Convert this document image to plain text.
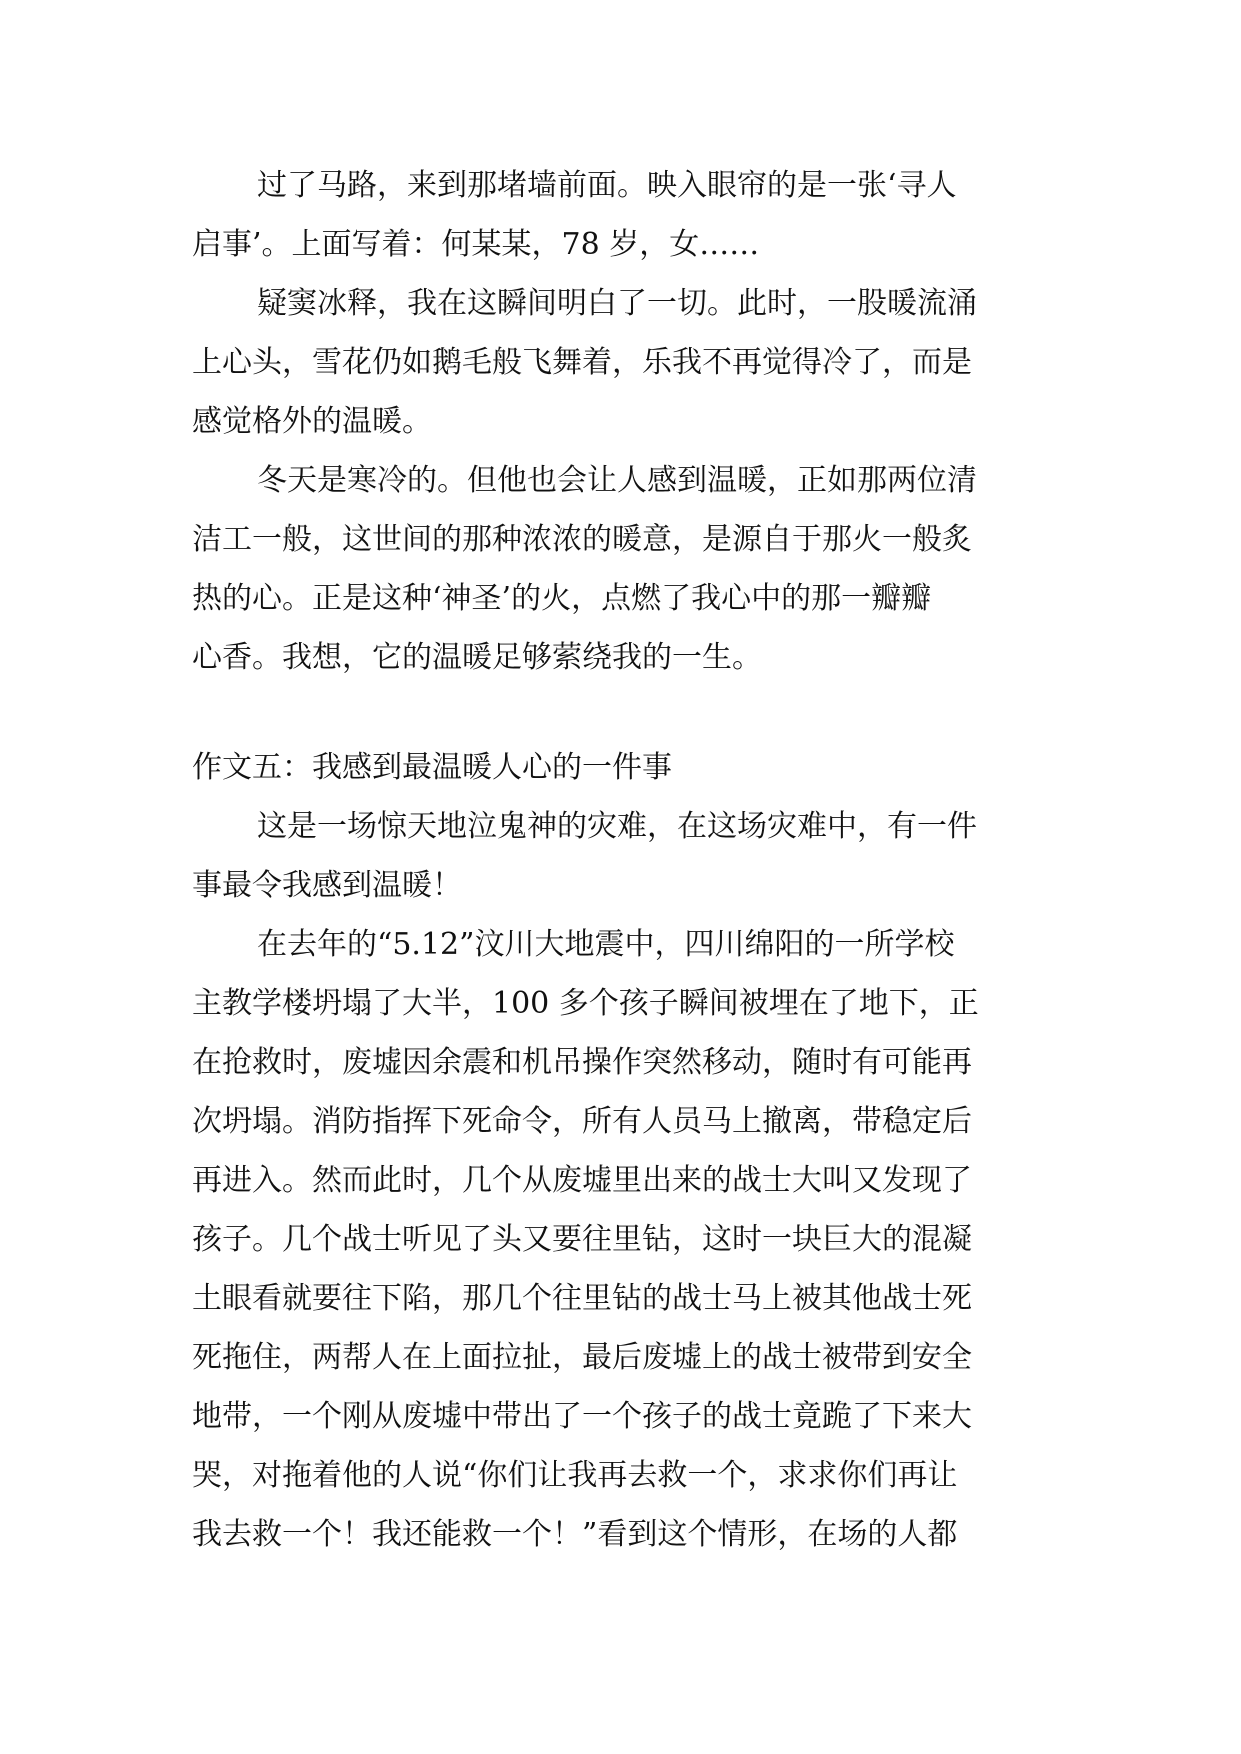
过了马路，来到那堵墙前面。映入眼帘的是一张‘寻人

启事’。上面写着：何某某，78 岁，女……

疑窦冰释，我在这瞬间明白了一切。此时，一股暖流涌

上心头，雪花仍如鹅毛般飞舞着，乐我不再觉得冷了，而是

感觉格外的温暖。

冬天是寒冷的。但他也会让人感到温暖，正如那两位清

洁工一般，这世间的那种浓浓的暖意，是源自于那火一般炙

热的心。正是这种‘神圣’的火，点燃了我心中的那一瓣瓣

心香。我想，它的温暖足够萦绕我的一生。

作文五：我感到最温暖人心的一件事

这是一场惊天地泣鬼神的灾难，在这场灾难中，有一件

事最令我感到温暖！

在去年的“5.12”汶川大地震中，四川绵阳的一所学校

主教学楼坍塌了大半，100 多个孩子瞬间被埋在了地下，正

在抢救时，废墟因余震和机吊操作突然移动，随时有可能再

次坍塌。消防指挥下死命令，所有人员马上撤离，带稳定后

再进入。然而此时，几个从废墟里出来的战士大叫又发现了

孩子。几个战士听见了头又要往里钻，这时一块巨大的混凝

土眼看就要往下陷，那几个往里钻的战士马上被其他战士死

死拖住，两帮人在上面拉扯，最后废墟上的战士被带到安全

地带，一个刚从废墟中带出了一个孩子的战士竟跪了下来大

哭，对拖着他的人说“你们让我再去救一个，求求你们再让

我去救一个！我还能救一个！”看到这个情形，在场的人都
